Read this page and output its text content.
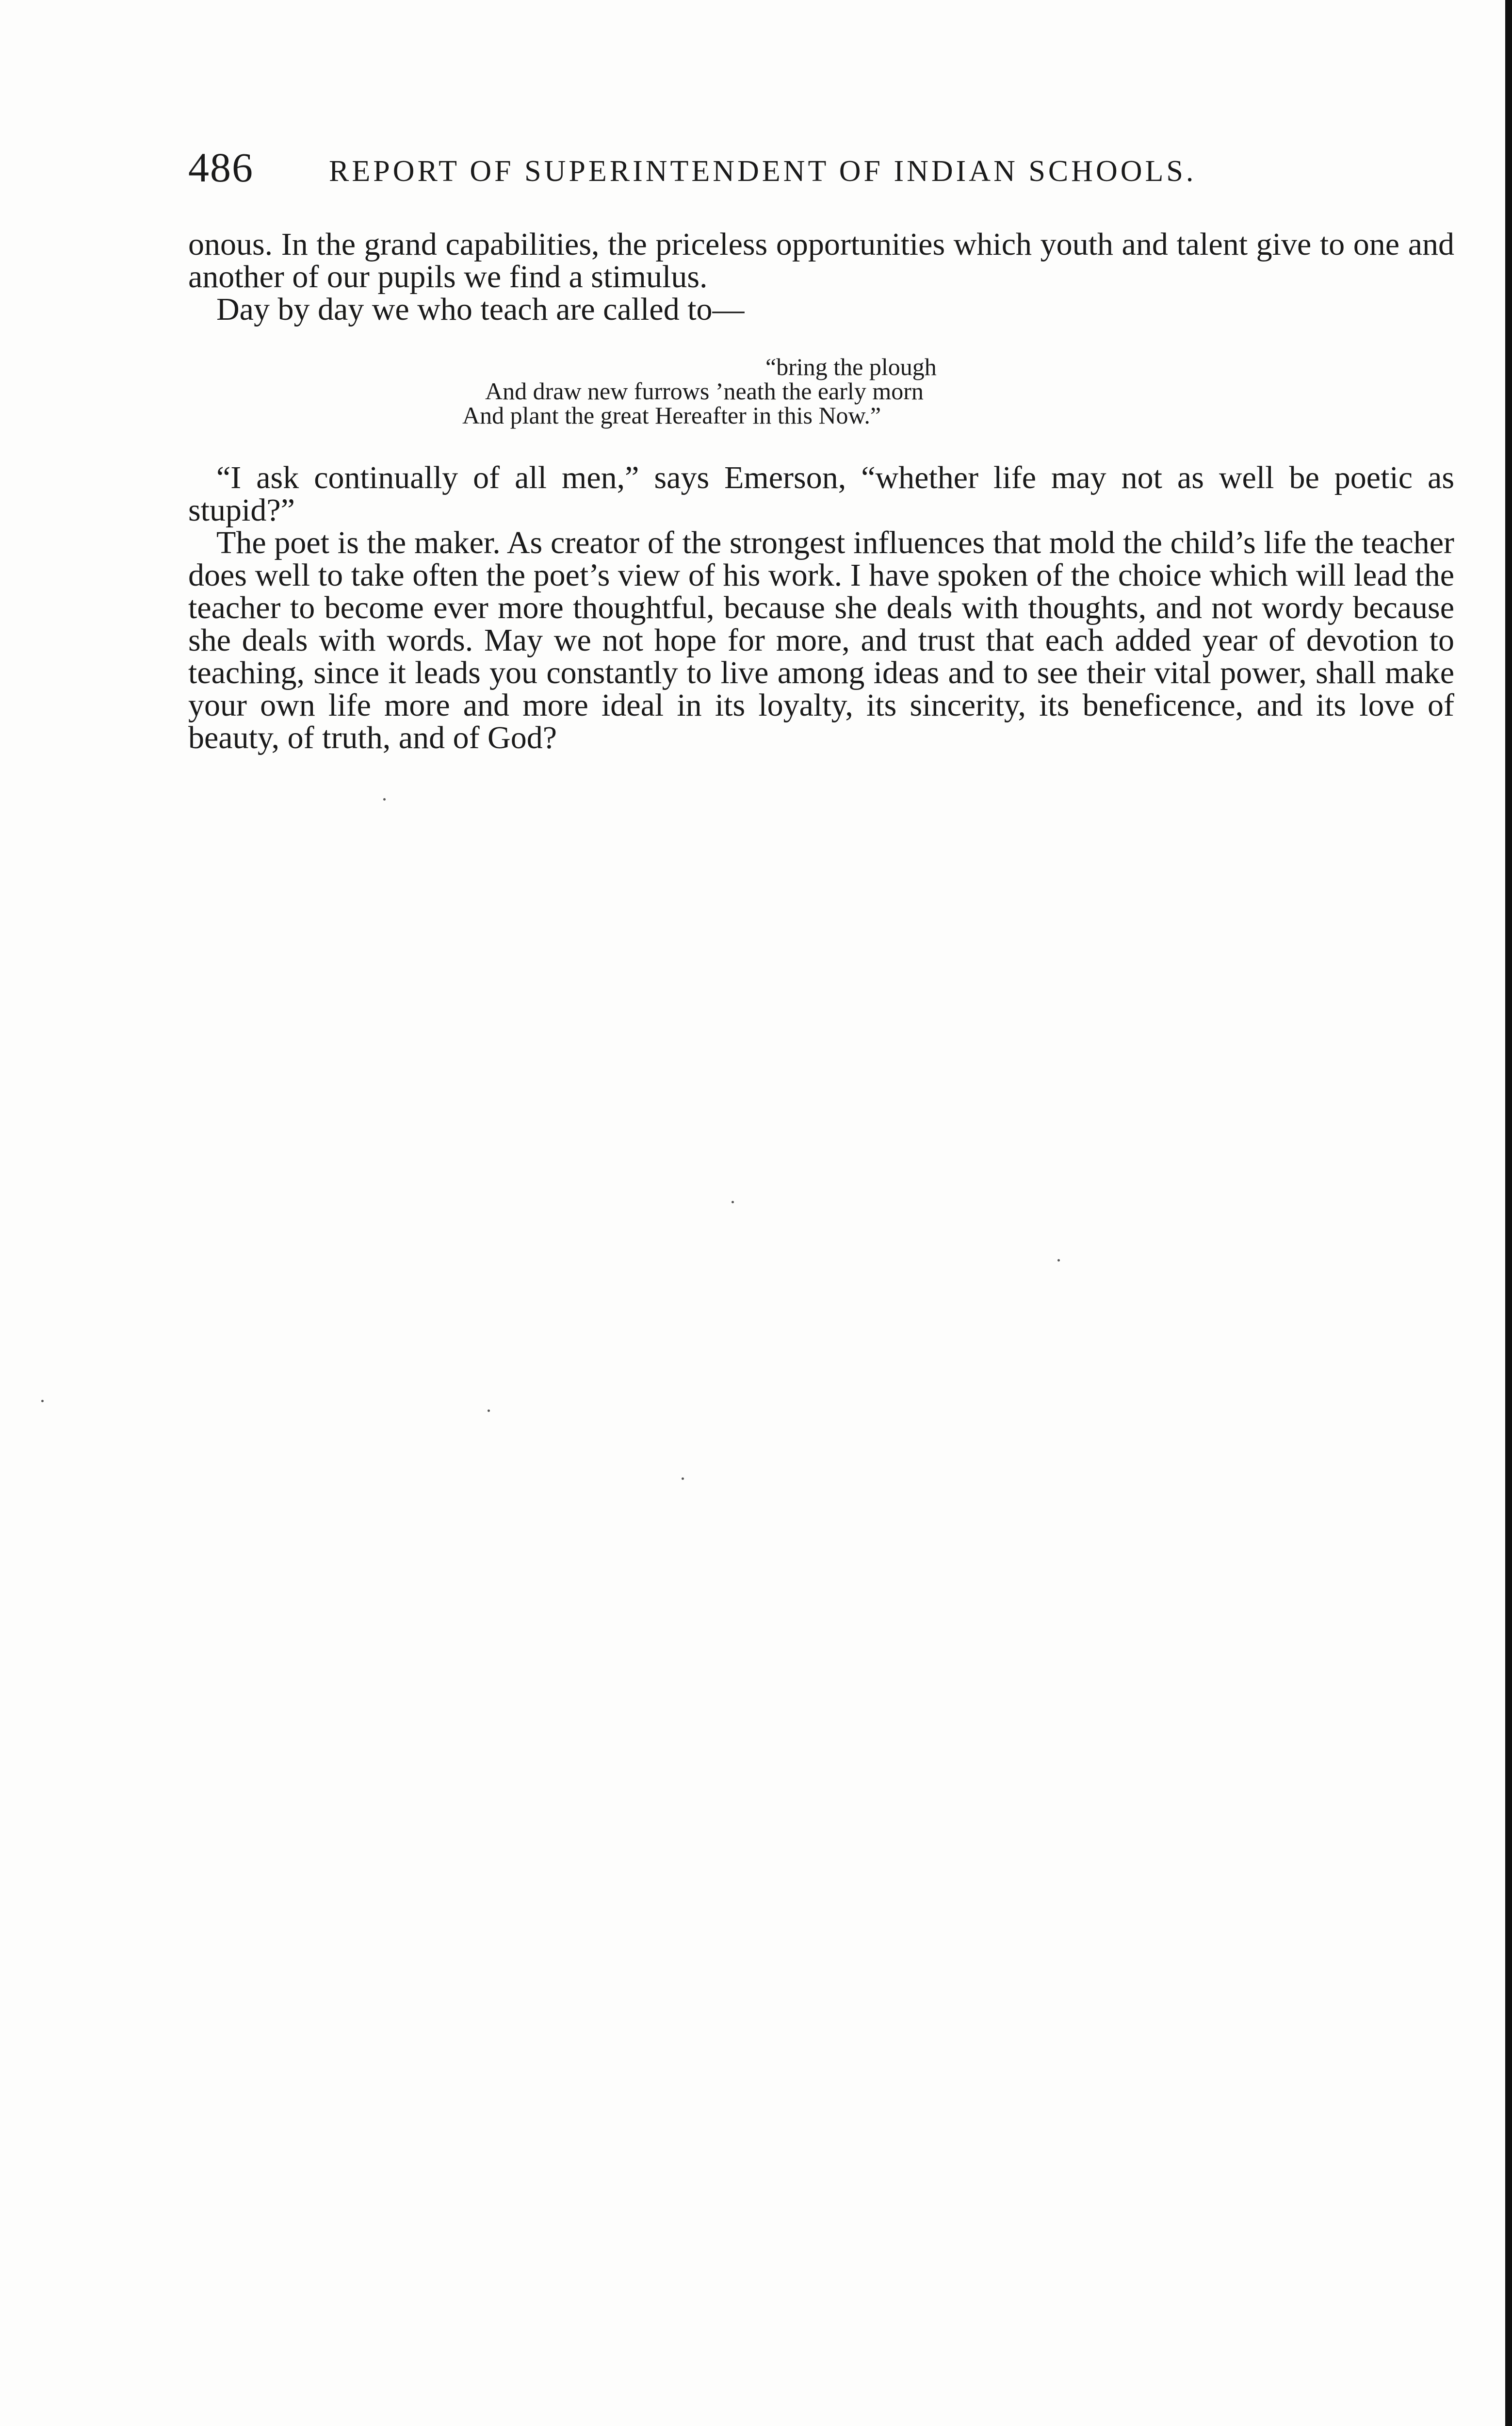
486	REPORT OF SUPERINTENDENT OF INDIAN SCHOOLS.

onous. In the grand capabilities, the priceless opportunities which youth and talent give to one and another of our pupils we find a stimulus.

Day by day we who teach are called to—

“bring the plough
And draw new furrows ’neath the early morn
And plant the great Hereafter in this Now.”

“I ask continually of all men,” says Emerson, “whether life may not as well be poetic as stupid?”

The poet is the maker. As creator of the strongest influences that mold the child’s life the teacher does well to take often the poet’s view of his work. I have spoken of the choice which will lead the teacher to become ever more thoughtful, because she deals with thoughts, and not wordy because she deals with words. May we not hope for more, and trust that each added year of devotion to teaching, since it leads you constantly to live among ideas and to see their vital power, shall make your own life more and more ideal in its loyalty, its sincerity, its beneficence, and its love of beauty, of truth, and of God?
